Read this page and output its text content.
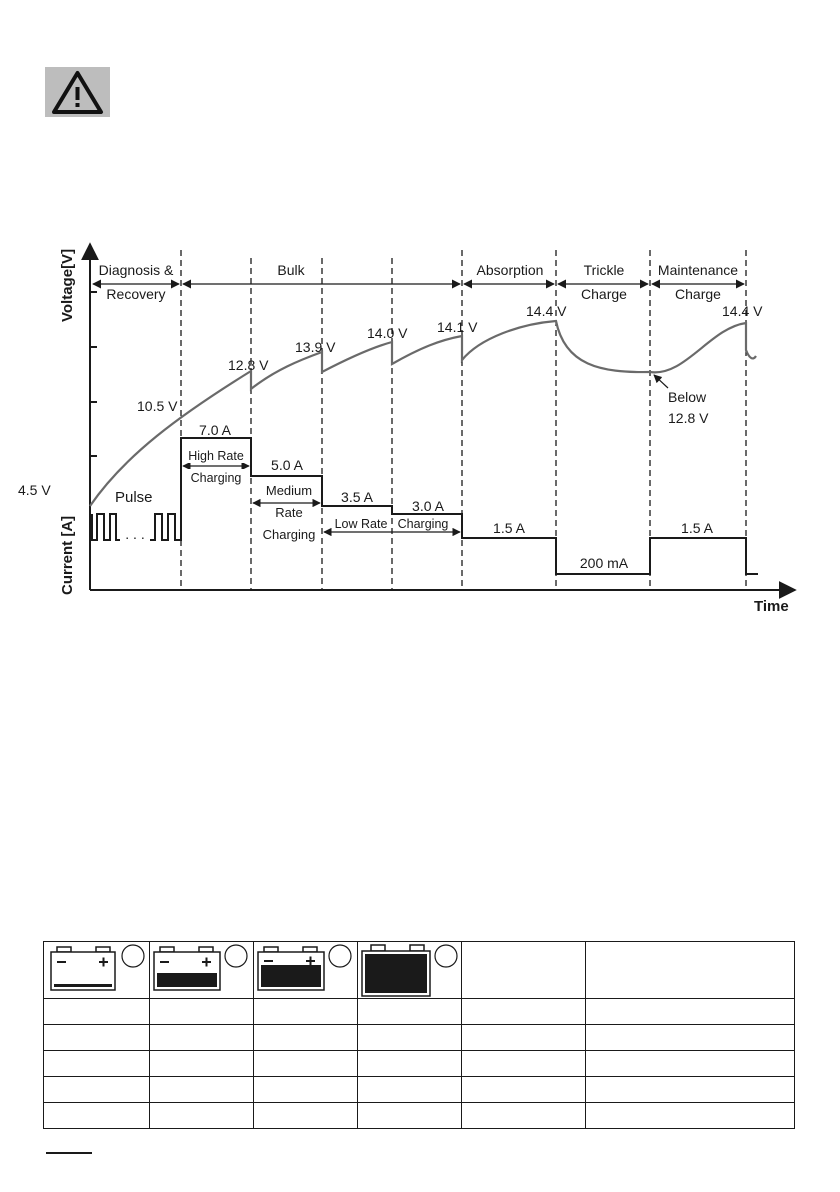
Voltage[V]
Current [A]
Time
Diagnosis &
Recovery
Bulk	Absorption	Trickle
Charge
Maintenance
Charge
. . .
4.5 V
10.5 V
12.8 V
13.9 V
14.0 V 14.1 V
14.4 V	14.4 V
Below
12.8 V
Pulse
7.0 A
5.0 A
3.5 A
3.0 A
1.5 A
200 mA
1.5 A
High Rate
Charging
Medium
Rate
Charging
Low Rate Charging
